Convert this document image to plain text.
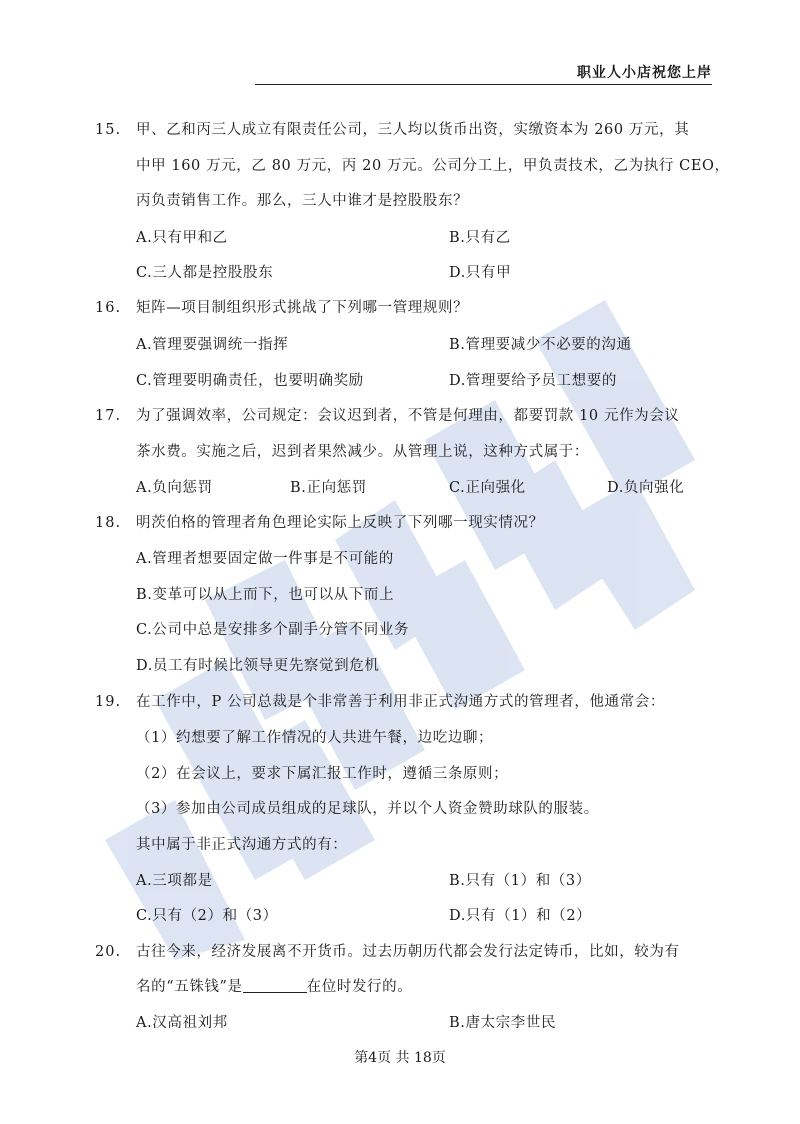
职业人小店祝您上岸
15. 甲、乙和丙三人成立有限责任公司，三人均以货币出资，实缴资本为 260 万元，其
中甲 160 万元，乙 80 万元，丙 20 万元。公司分工上，甲负责技术，乙为执行 CEO，
丙负责销售工作。那么，三人中谁才是控股股东？
A.只有甲和乙	B.只有乙
C.三人都是控股股东	D.只有甲
16. 矩阵—项目制组织形式挑战了下列哪一管理规则？
A.管理要强调统一指挥	B.管理要减少不必要的沟通
C.管理要明确责任，也要明确奖励	D.管理要给予员工想要的
17. 为了强调效率，公司规定：会议迟到者，不管是何理由，都要罚款 10 元作为会议
茶水费。实施之后，迟到者果然减少。从管理上说，这种方式属于：
A.负向惩罚	B.正向惩罚	C.正向强化	D.负向强化
18. 明茨伯格的管理者角色理论实际上反映了下列哪一现实情况？
A.管理者想要固定做一件事是不可能的
B.变革可以从上而下，也可以从下而上
C.公司中总是安排多个副手分管不同业务
D.员工有时候比领导更先察觉到危机
19. 在工作中，P 公司总裁是个非常善于利用非正式沟通方式的管理者，他通常会：
（1）约想要了解工作情况的人共进午餐，边吃边聊；
（2）在会议上，要求下属汇报工作时，遵循三条原则；
（3）参加由公司成员组成的足球队，并以个人资金赞助球队的服装。
其中属于非正式沟通方式的有：
A.三项都是	B.只有（1）和（3）
C.只有（2）和（3）	D.只有（1）和（2）
20. 古往今来，经济发展离不开货币。过去历朝历代都会发行法定铸币，比如，较为有
名的“五铢钱”是	在位时发行的。
A.汉高祖刘邦	B.唐太宗李世民
第4页 共 18页
